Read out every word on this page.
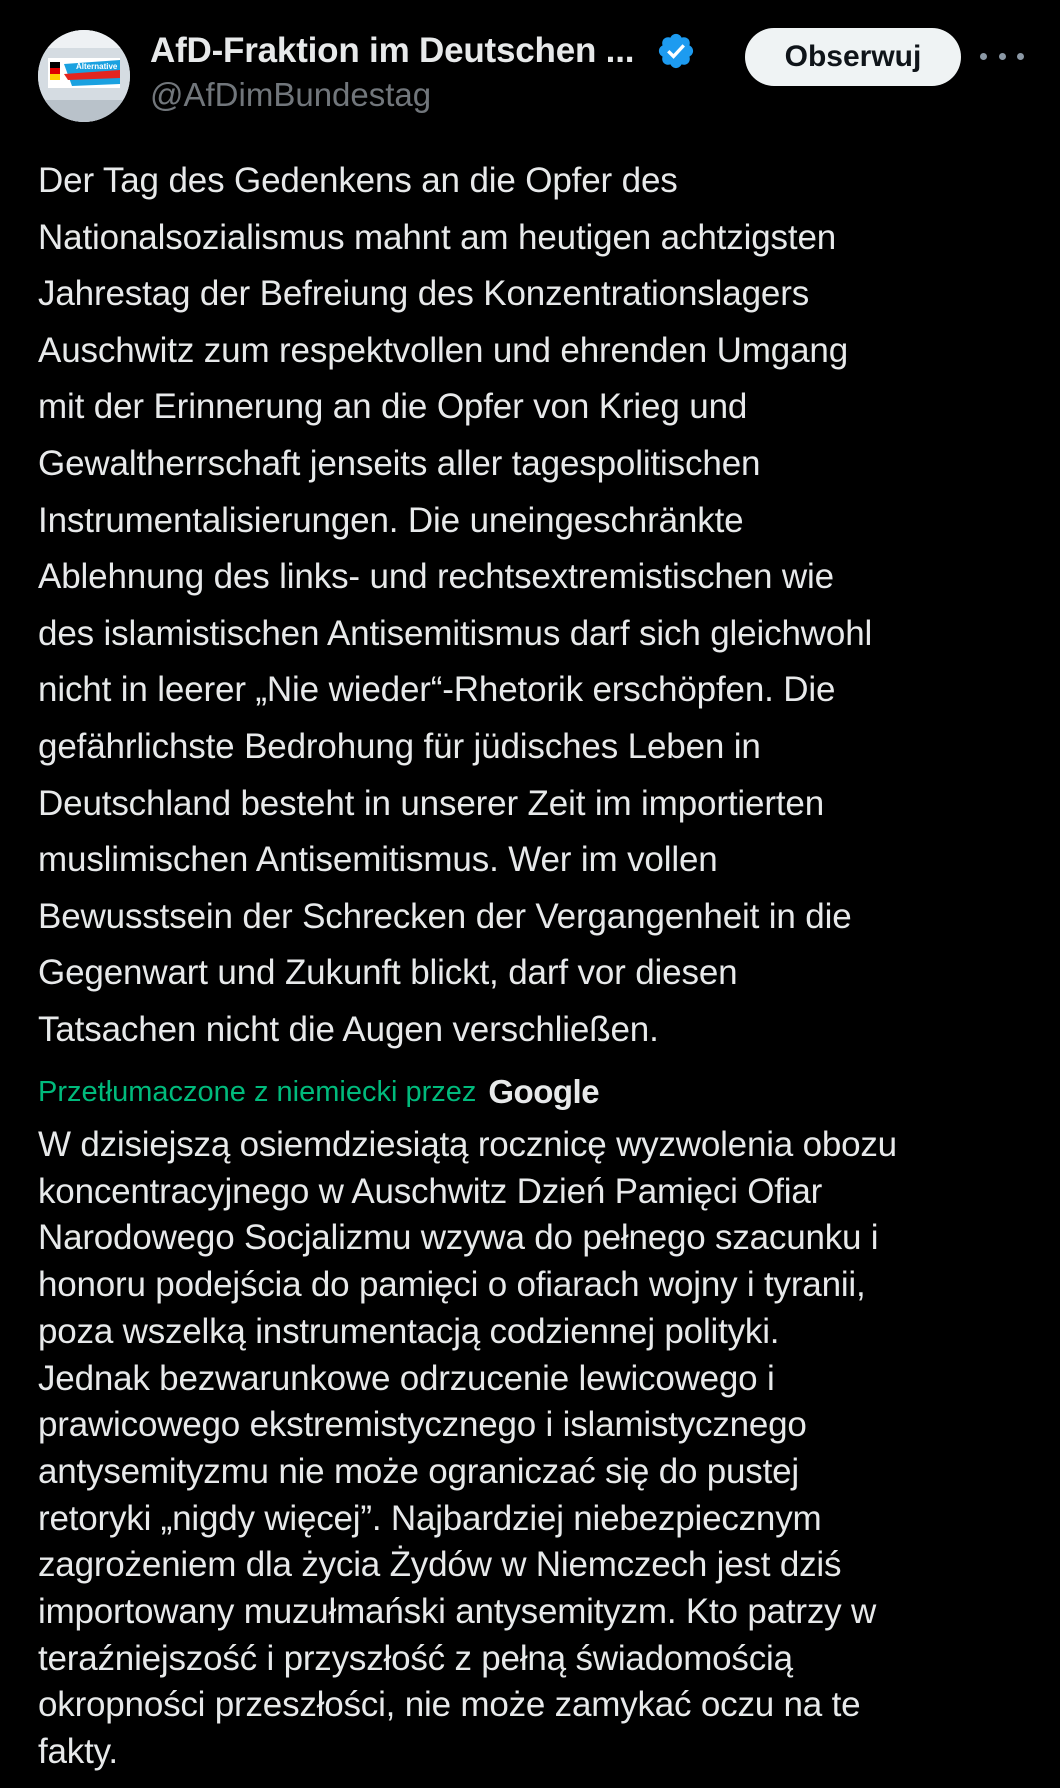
Alternative AfD-Fraktion im Deutschen ...
@AfDimBundestag
Obserwuj

Der Tag des Gedenkens an die Opfer des
Nationalsozialismus mahnt am heutigen achtzigsten
Jahrestag der Befreiung des Konzentrationslagers
Auschwitz zum respektvollen und ehrenden Umgang
mit der Erinnerung an die Opfer von Krieg und
Gewaltherrschaft jenseits aller tagespolitischen
Instrumentalisierungen. Die uneingeschränkte
Ablehnung des links- und rechtsextremistischen wie
des islamistischen Antisemitismus darf sich gleichwohl
nicht in leerer „Nie wieder“-Rhetorik erschöpfen. Die
gefährlichste Bedrohung für jüdisches Leben in
Deutschland besteht in unserer Zeit im importierten
muslimischen Antisemitismus. Wer im vollen
Bewusstsein der Schrecken der Vergangenheit in die
Gegenwart und Zukunft blickt, darf vor diesen
Tatsachen nicht die Augen verschließen.

Przetłumaczone z niemiecki przez Google

W dzisiejszą osiemdziesiątą rocznicę wyzwolenia obozu
koncentracyjnego w Auschwitz Dzień Pamięci Ofiar
Narodowego Socjalizmu wzywa do pełnego szacunku i
honoru podejścia do pamięci o ofiarach wojny i tyranii,
poza wszelką instrumentacją codziennej polityki.
Jednak bezwarunkowe odrzucenie lewicowego i
prawicowego ekstremistycznego i islamistycznego
antysemityzmu nie może ograniczać się do pustej
retoryki „nigdy więcej”. Najbardziej niebezpiecznym
zagrożeniem dla życia Żydów w Niemczech jest dziś
importowany muzułmański antysemityzm. Kto patrzy w
teraźniejszość i przyszłość z pełną świadomością
okropności przeszłości, nie może zamykać oczu na te
fakty.
